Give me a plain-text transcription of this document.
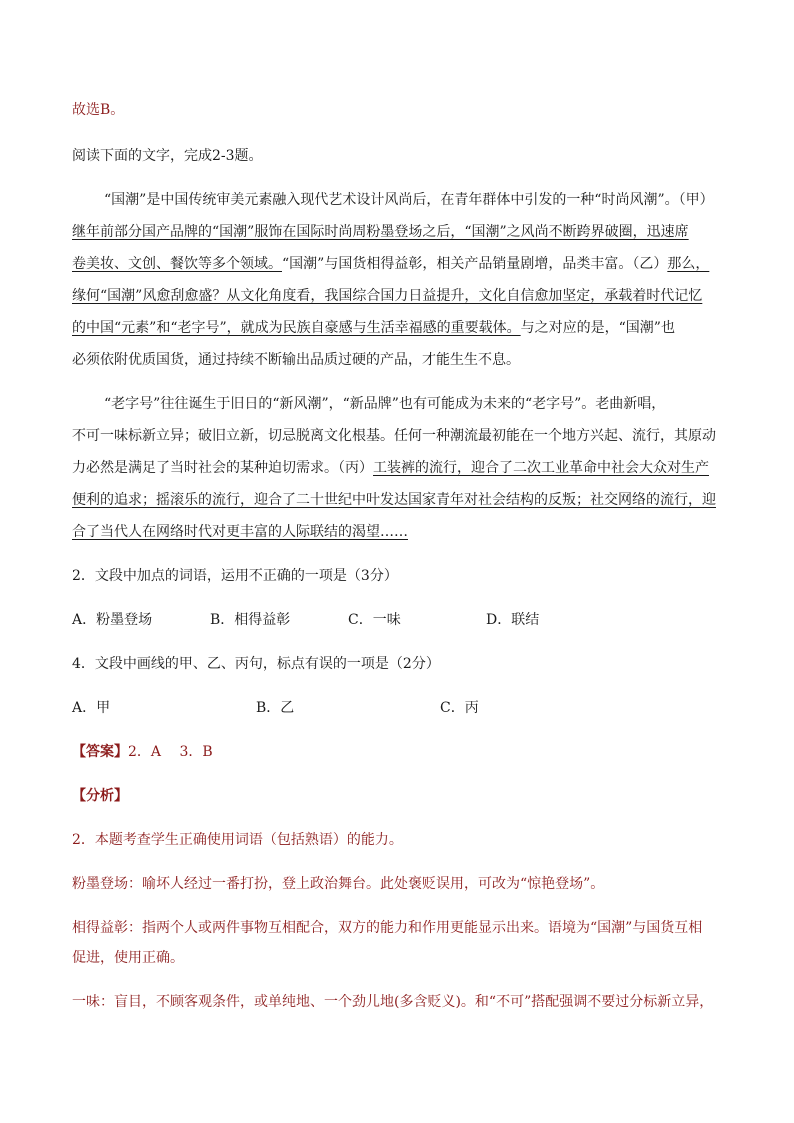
故选B。

阅读下面的文字，完成2-3题。

“国潮”是中国传统审美元素融入现代艺术设计风尚后，在青年群体中引发的一种“时尚风潮”。（甲）

继年前部分国产品牌的“国潮”服饰在国际时尚周粉墨登场之后，“国潮”之风尚不断跨界破圈，迅速席

卷美妆、文创、餐饮等多个领域。“国潮”与国货相得益彰，相关产品销量剧增，品类丰富。（乙）那么，

缘何“国潮”风愈刮愈盛？从文化角度看，我国综合国力日益提升，文化自信愈加坚定，承载着时代记忆

的中国“元素”和“老字号”，就成为民族自豪感与生活幸福感的重要载体。与之对应的是，“国潮”也

必须依附优质国货，通过持续不断输出品质过硬的产品，才能生生不息。

“老字号”往往诞生于旧日的“新风潮”，“新品牌”也有可能成为未来的“老字号”。老曲新唱，

不可一味标新立异；破旧立新，切忌脱离文化根基。任何一种潮流最初能在一个地方兴起、流行，其原动

力必然是满足了当时社会的某种迫切需求。（丙）工装裤的流行，迎合了二次工业革命中社会大众对生产

便利的追求；摇滚乐的流行，迎合了二十世纪中叶发达国家青年对社会结构的反叛；社交网络的流行，迎

合了当代人在网络时代对更丰富的人际联结的渴望……

2．文段中加点的词语，运用不正确的一项是（3分）

A．粉墨登场	B．相得益彰	C．一味	D．联结

4．文段中画线的甲、乙、丙句，标点有误的一项是（2分）

A．甲	B．乙	C．丙

【答案】2．A　 3．B

【分析】

2．本题考查学生正确使用词语（包括熟语）的能力。

粉墨登场：喻坏人经过一番打扮，登上政治舞台。此处褒贬误用，可改为“惊艳登场”。

相得益彰：指两个人或两件事物互相配合，双方的能力和作用更能显示出来。语境为“国潮”与国货互相

促进，使用正确。

一味：盲目，不顾客观条件，或单纯地、一个劲儿地(多含贬义)。和“不可”搭配强调不要过分标新立异，
